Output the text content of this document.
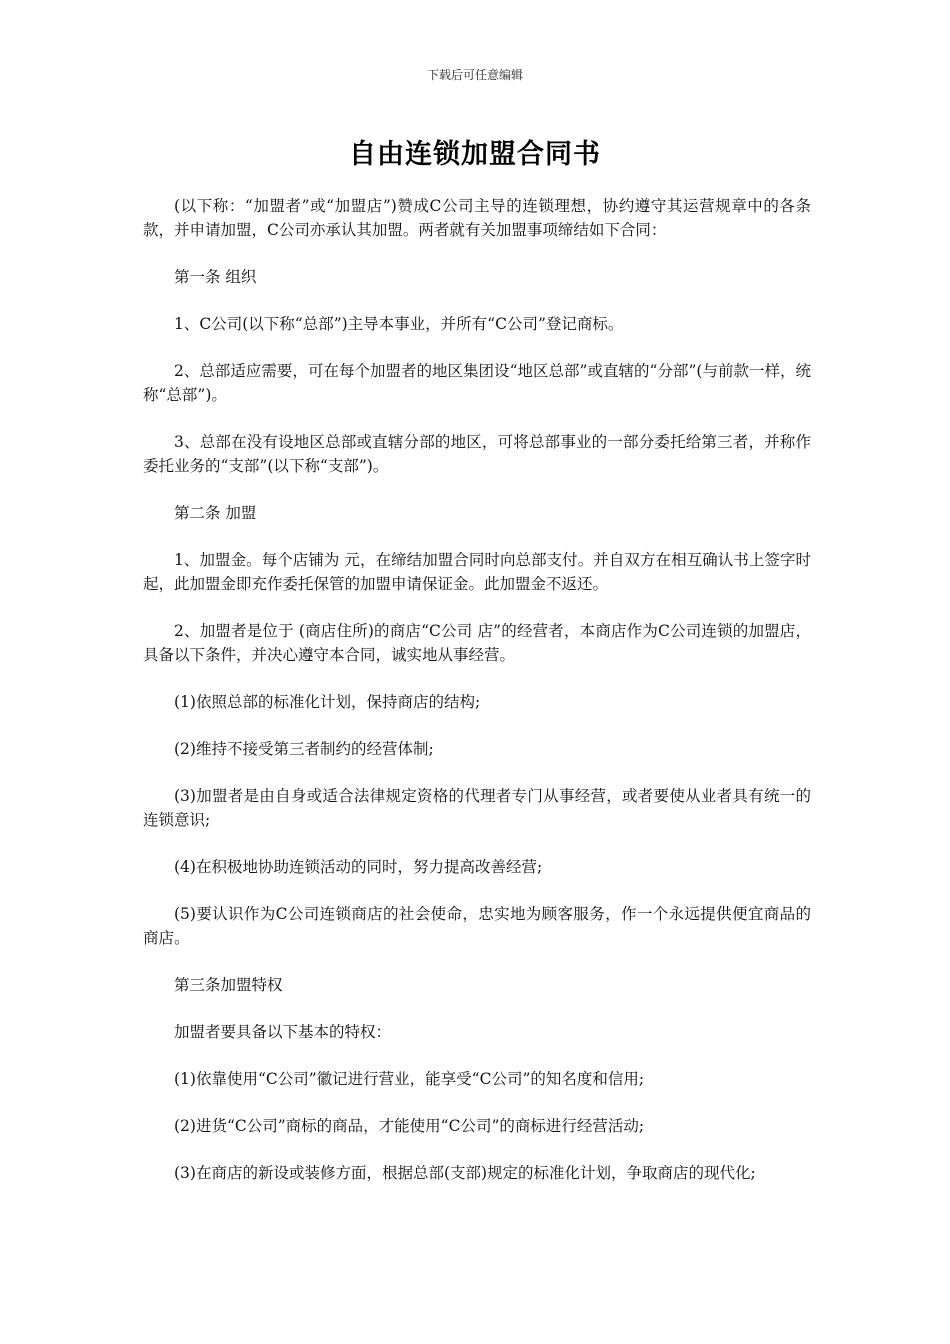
下载后可任意编辑
自由连锁加盟合同书

(以下称：“加盟者”或“加盟店”)赞成C公司主导的连锁理想，协约遵守其运营规章中的各条款，并申请加盟，C公司亦承认其加盟。两者就有关加盟事项缔结如下合同：

第一条 组织

1、C公司(以下称“总部”)主导本事业，并所有“C公司”登记商标。

2、总部适应需要，可在每个加盟者的地区集团设“地区总部”或直辖的“分部”(与前款一样，统称“总部”)。

3、总部在没有设地区总部或直辖分部的地区，可将总部事业的一部分委托给第三者，并称作委托业务的“支部”(以下称“支部”)。

第二条 加盟

1、加盟金。每个店铺为 元，在缔结加盟合同时向总部支付。并自双方在相互确认书上签字时起，此加盟金即充作委托保管的加盟申请保证金。此加盟金不返还。

2、加盟者是位于 (商店住所)的商店“C公司 店”的经营者，本商店作为C公司连锁的加盟店，具备以下条件，并决心遵守本合同，诚实地从事经营。

(1)依照总部的标准化计划，保持商店的结构;

(2)维持不接受第三者制约的经营体制;

(3)加盟者是由自身或适合法律规定资格的代理者专门从事经营，或者要使从业者具有统一的连锁意识;

(4)在积极地协助连锁活动的同时，努力提高改善经营;

(5)要认识作为C公司连锁商店的社会使命，忠实地为顾客服务，作一个永远提供便宜商品的商店。

第三条加盟特权

加盟者要具备以下基本的特权：

(1)依靠使用“C公司”徽记进行营业，能享受“C公司”的知名度和信用;

(2)进货“C公司”商标的商品，才能使用“C公司”的商标进行经营活动;

(3)在商店的新设或装修方面，根据总部(支部)规定的标准化计划，争取商店的现代化;
